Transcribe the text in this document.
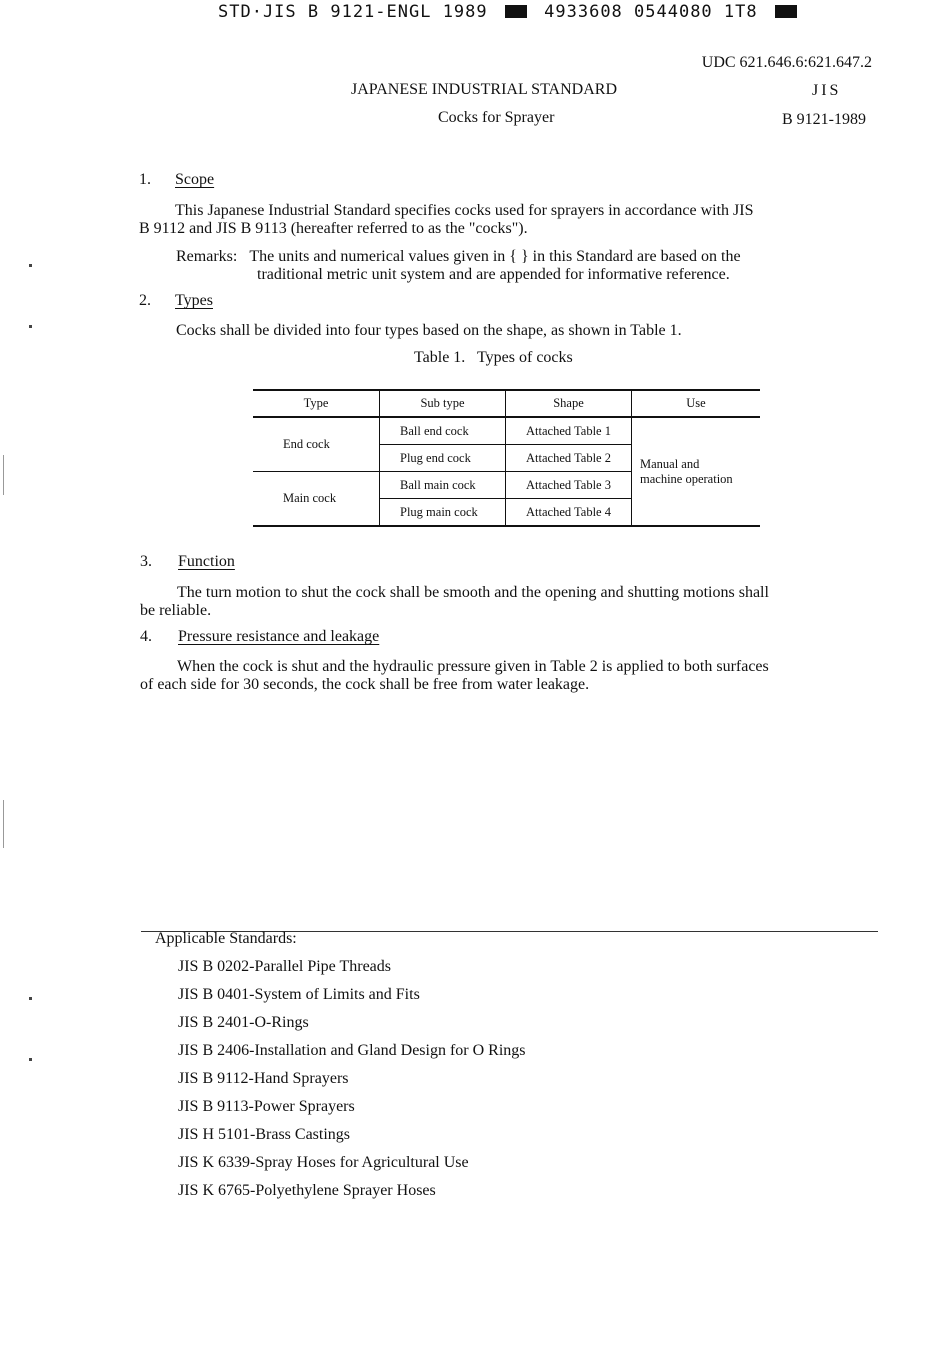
STD·JIS B 9121-ENGL 1989	4933608 0544080 1T8
UDC 621.646.6:621.647.2
JAPANESE INDUSTRIAL STANDARD	JIS
Cocks for Sprayer	B 9121-1989
1. Scope
This Japanese Industrial Standard specifies cocks used for sprayers in accordance with JIS
B 9112 and JIS B 9113 (hereafter referred to as the "cocks").
Remarks: The units and numerical values given in { } in this Standard are based on the
traditional metric unit system and are appended for informative reference.
2. Types
Cocks shall be divided into four types based on the shape, as shown in Table 1.
Table 1.   Types of cocks
Type	Sub type	Shape	Use
End cock	Ball end cock	Attached Table 1	Manual and
machine operation

	Plug end cock	Attached Table 2	
Main cock	Ball main cock	Attached Table 3	
	Plug main cock	Attached Table 4	
3. Function
The turn motion to shut the cock shall be smooth and the opening and shutting motions shall
be reliable.
4. Pressure resistance and leakage
When the cock is shut and the hydraulic pressure given in Table 2 is applied to both surfaces
of each side for 30 seconds, the cock shall be free from water leakage.
Applicable Standards:
JIS B 0202-Parallel Pipe Threads
JIS B 0401-System of Limits and Fits
JIS B 2401-O-Rings
JIS B 2406-Installation and Gland Design for O Rings
JIS B 9112-Hand Sprayers
JIS B 9113-Power Sprayers
JIS H 5101-Brass Castings
JIS K 6339-Spray Hoses for Agricultural Use
JIS K 6765-Polyethylene Sprayer Hoses
